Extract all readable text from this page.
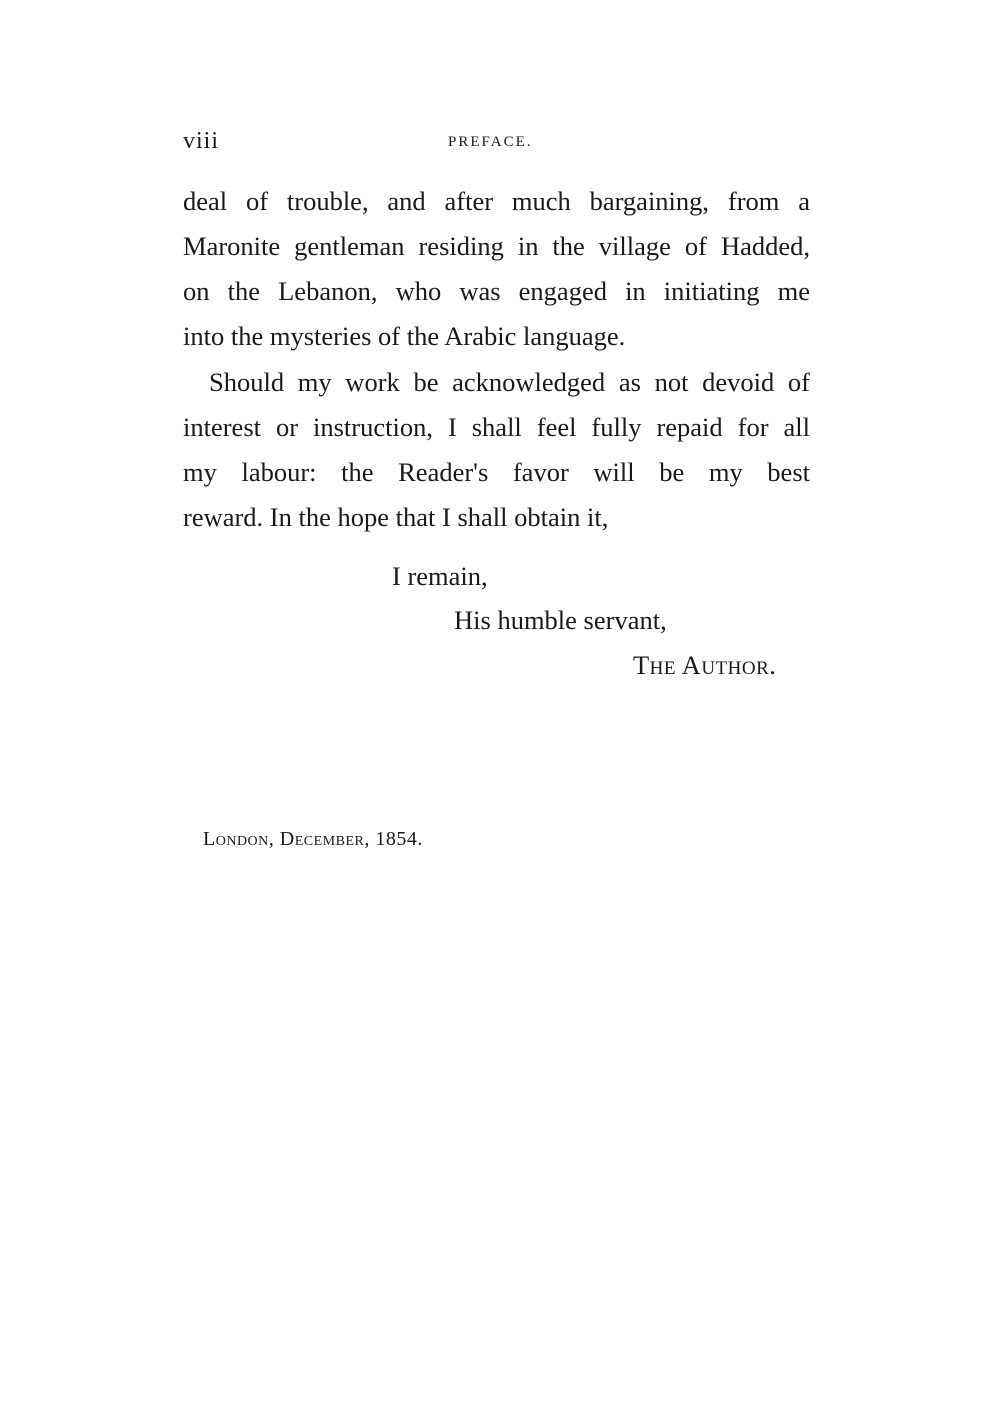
viii	PREFACE.
deal of trouble, and after much bargaining, from a
Maronite gentleman residing in the village of Hadded,
on the Lebanon, who was engaged in initiating me
into the mysteries of the Arabic language.
Should my work be acknowledged as not devoid of
interest or instruction, I shall feel fully repaid for all
my labour: the Reader's favor will be my best
reward. In the hope that I shall obtain it,
I remain,
His humble servant,
The Author.
London, December, 1854.
